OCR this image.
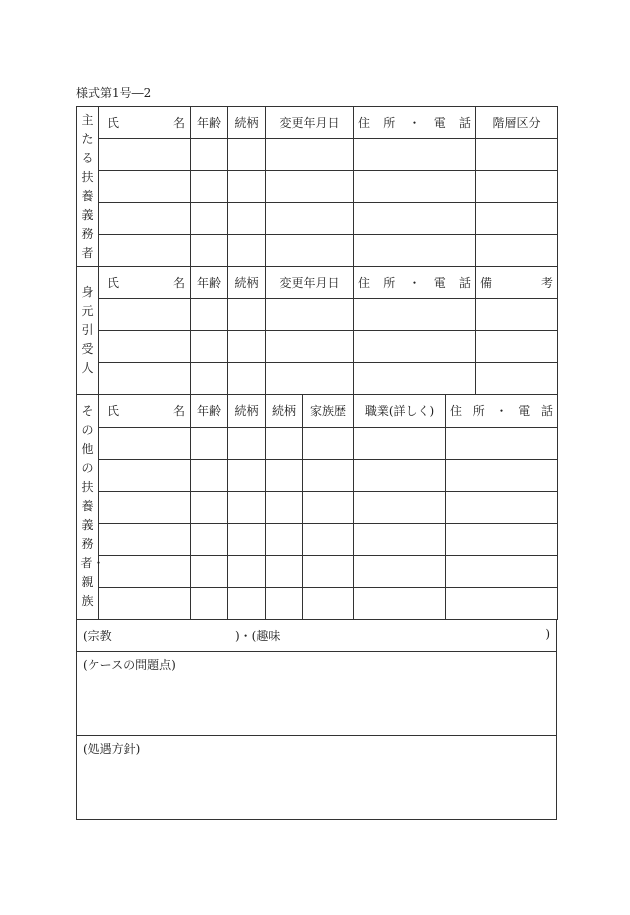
様式第1号―2
主たる扶養義務者	氏 名	年齢	続柄	変更年月日	住 所 ・ 電 話	階層区分

身元引受人	氏 名	年齢	続柄	変更年月日	住 所 ・ 電 話	備 考

その他の扶養義務者・親族	氏 名	年齢	続柄	続柄	家族歴	職業(詳しく)	住 所 ・ 電 話

(宗教	)・(趣味	)

(ケースの問題点)
(処遇方針)
